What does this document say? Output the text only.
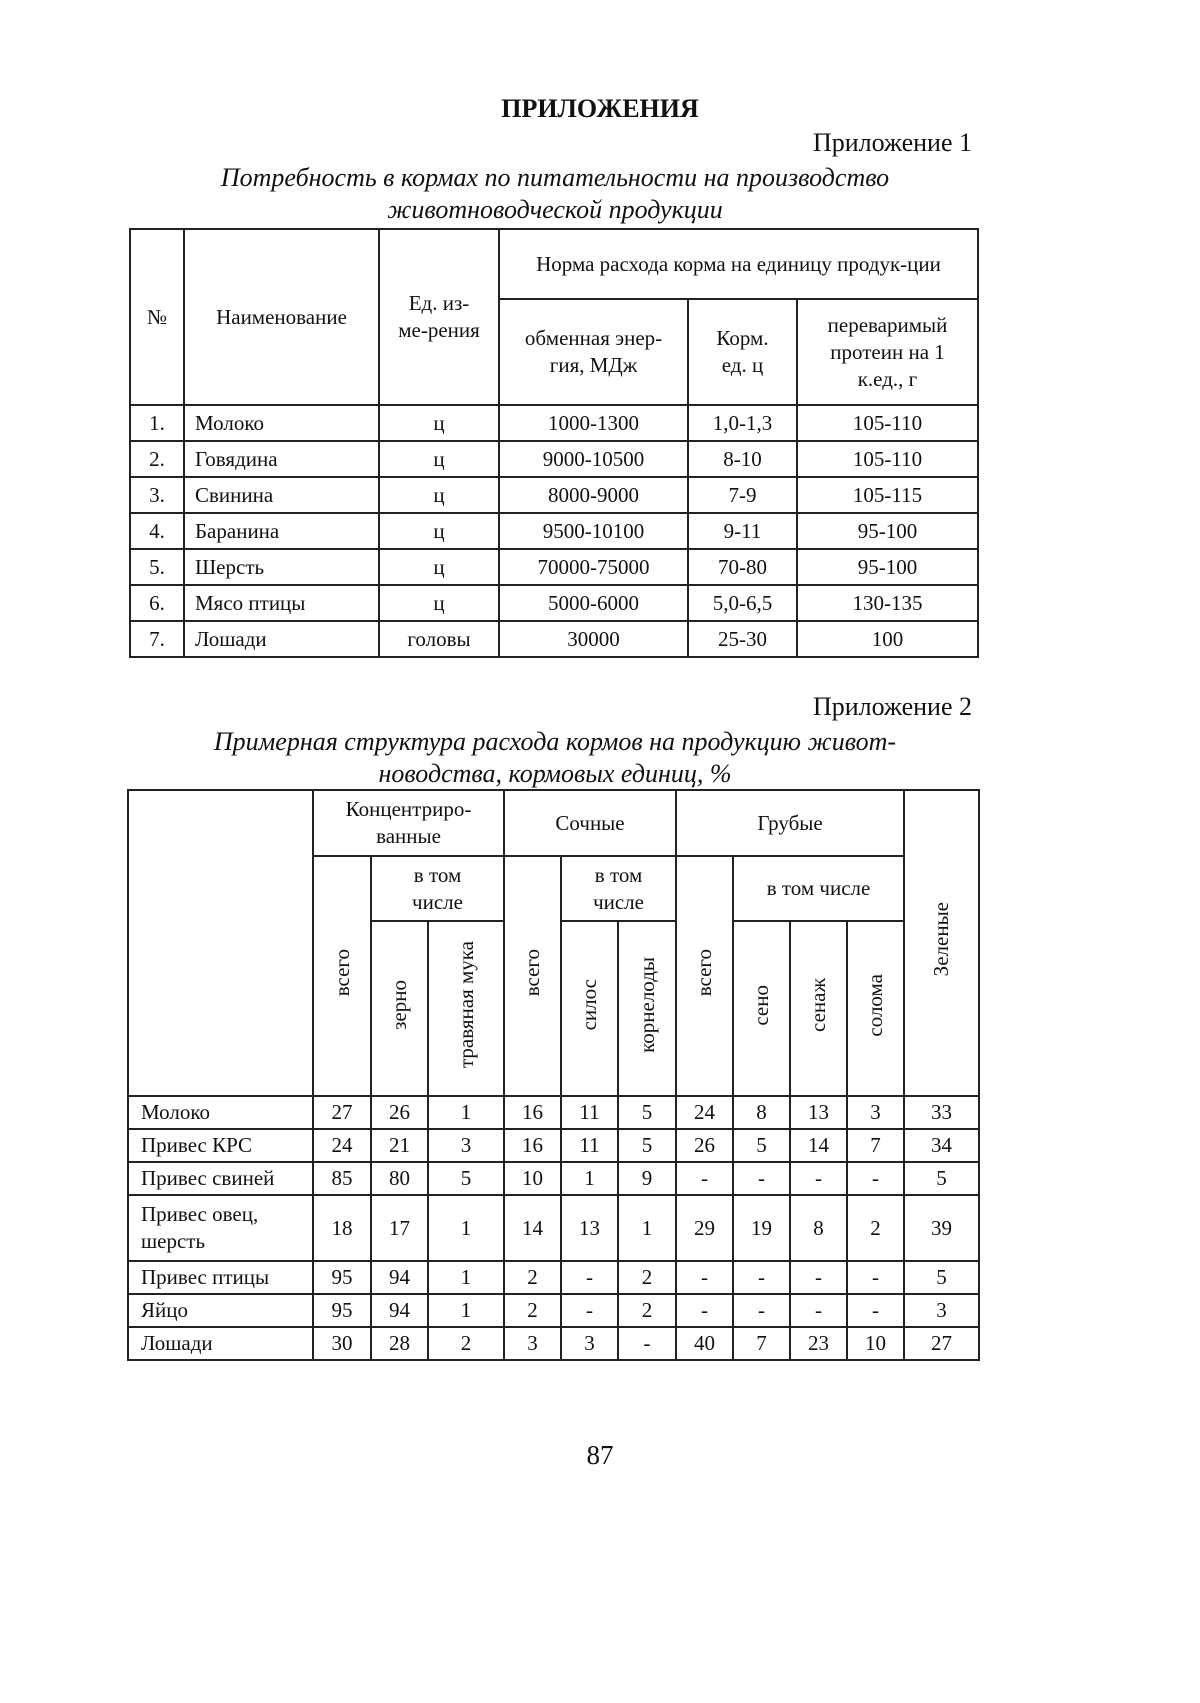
ПРИЛОЖЕНИЯ
Приложение 1
Потребность в кормах по питательности на производство
животноводческой продукции
№	Наименование	Ед. из-ме-рения	Норма расхода корма на единицу продук-ции
обменная энер-гия, МДж	Корм. ед. ц	переваримый протеин на 1 к.ед., г
1.	Молоко	ц	1000-1300	1,0-1,3	105-110
2.	Говядина	ц	9000-10500	8-10	105-110
3.	Свинина	ц	8000-9000	7-9	105-115
4.	Баранина	ц	9500-10100	9-11	95-100
5.	Шерсть	ц	70000-75000	70-80	95-100
6.	Мясо птицы	ц	5000-6000	5,0-6,5	130-135
7.	Лошади	головы	30000	25-30	100
Приложение 2
Примерная структура расхода кормов на продукцию живот-
новодства, кормовых единиц, %
	Концентриро-ванные	Сочные	Грубые	Зеленые
всего	в том числе	всего	в том числе	всего	в том числе
зерно	травяная мука	силос	корнелоды	сено	сенаж	солома
Молоко	27	26	1	16	11	5	24	8	13	3	33
Привес КРС	24	21	3	16	11	5	26	5	14	7	34
Привес свиней	85	80	5	10	1	9	-	-	-	-	5
Привес овец, шерсть	18	17	1	14	13	1	29	19	8	2	39
Привес птицы	95	94	1	2	-	2	-	-	-	-	5
Яйцо	95	94	1	2	-	2	-	-	-	-	3
Лошади	30	28	2	3	3	-	40	7	23	10	27
87
